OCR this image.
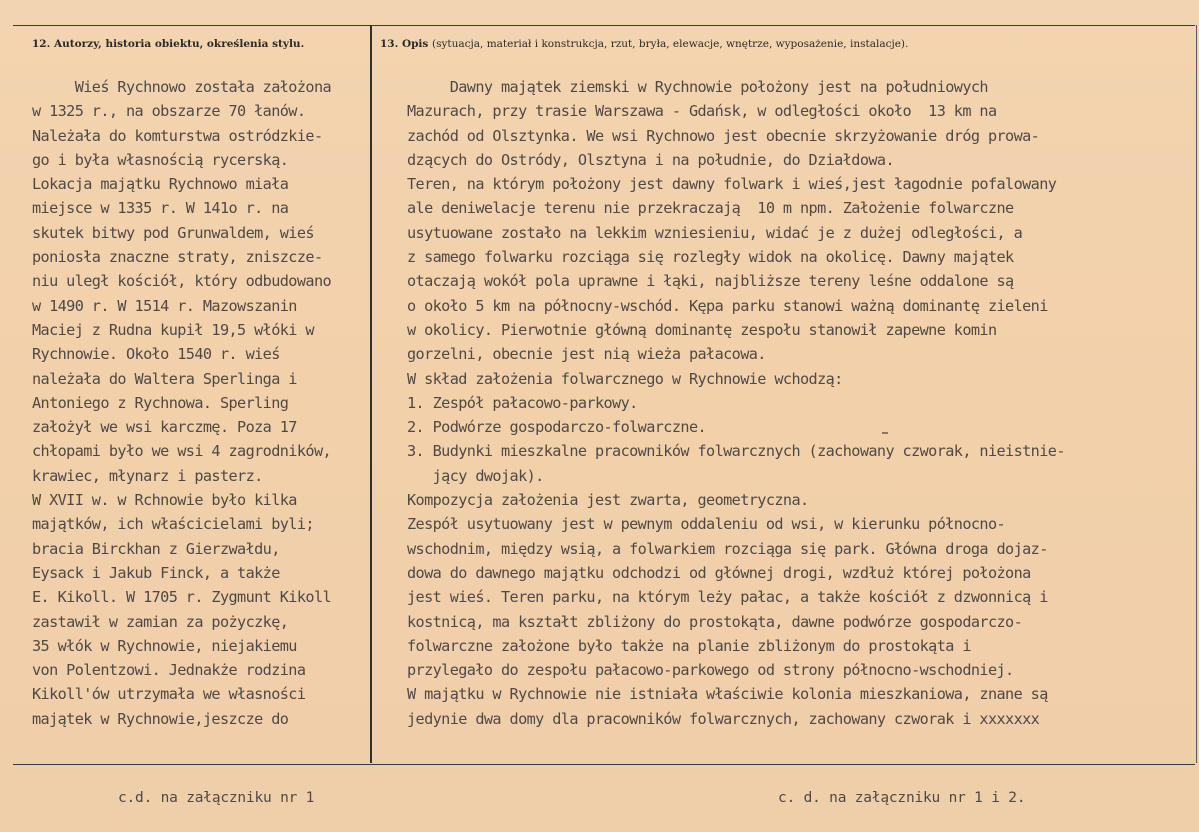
12. Autorzy, historia obiektu, określenia stylu.	13. Opis (sytuacja, materiał i konstrukcja, rzut, bryła, elewacje, wnętrze, wyposażenie, instalacje).
Wieś Rychnowo została założona
w 1325 r., na obszarze 70 łanów.
Należała do komturstwa ostródzkie-
go i była własnością rycerską.
Lokacja majątku Rychnowo miała
miejsce w 1335 r. W 141o r. na
skutek bitwy pod Grunwaldem, wieś
poniosła znaczne straty, zniszcze-
niu uległ kościół, który odbudowano
w 1490 r. W 1514 r. Mazowszanin
Maciej z Rudna kupił 19,5 włóki w
Rychnowie. Około 1540 r. wieś
należała do Waltera Sperlinga i
Antoniego z Rychnowa. Sperling
założył we wsi karczmę. Poza 17
chłopami było we wsi 4 zagrodników,
krawiec, młynarz i pasterz.
W XVII w. w Rchnowie było kilka
majątków, ich właścicielami byli;
bracia Birckhan z Gierzwałdu,
Eysack i Jakub Finck, a także
E. Kikoll. W 1705 r. Zygmunt Kikoll
zastawił w zamian za pożyczkę,
35 włók w Rychnowie, niejakiemu
von Polentzowi. Jednakże rodzina
Kikoll'ów utrzymała we własności
majątek w Rychnowie,jeszcze do
Dawny majątek ziemski w Rychnowie położony jest na południowych
Mazurach, przy trasie Warszawa - Gdańsk, w odległości około  13 km na
zachód od Olsztynka. We wsi Rychnowo jest obecnie skrzyżowanie dróg prowa-
dzących do Ostródy, Olsztyna i na południe, do Działdowa.
Teren, na którym położony jest dawny folwark i wieś,jest łagodnie pofalowany
ale deniwelacje terenu nie przekraczają  10 m npm. Założenie folwarczne
usytuowane zostało na lekkim wzniesieniu, widać je z dużej odległości, a
z samego folwarku rozciąga się rozległy widok na okolicę. Dawny majątek
otaczają wokół pola uprawne i łąki, najbliższe tereny leśne oddalone są
o około 5 km na północny-wschód. Kępa parku stanowi ważną dominantę zieleni
w okolicy. Pierwotnie główną dominantę zespołu stanowił zapewne komin
gorzelni, obecnie jest nią wieża pałacowa.
W skład założenia folwarcznego w Rychnowie wchodzą:
1. Zespół pałacowo-parkowy.
2. Podwórze gospodarczo-folwarczne.
3. Budynki mieszkalne pracowników folwarcznych (zachowany czworak, nieistnie-
jący dwojak).
Kompozycja założenia jest zwarta, geometryczna.
Zespół usytuowany jest w pewnym oddaleniu od wsi, w kierunku północno-
wschodnim, między wsią, a folwarkiem rozciąga się park. Główna droga dojaz-
dowa do dawnego majątku odchodzi od głównej drogi, wzdłuż której położona
jest wieś. Teren parku, na którym leży pałac, a także kościół z dzwonnicą i
kostnicą, ma kształt zbliżony do prostokąta, dawne podwórze gospodarczo-
folwarczne założone było także na planie zbliżonym do prostokąta i
przylegało do zespołu pałacowo-parkowego od strony północno-wschodniej.
W majątku w Rychnowie nie istniała właściwie kolonia mieszkaniowa, znane są
jedynie dwa domy dla pracowników folwarcznych, zachowany czworak i xxxxxxx
c.d. na załączniku nr 1	c. d. na załączniku nr 1 i 2.
